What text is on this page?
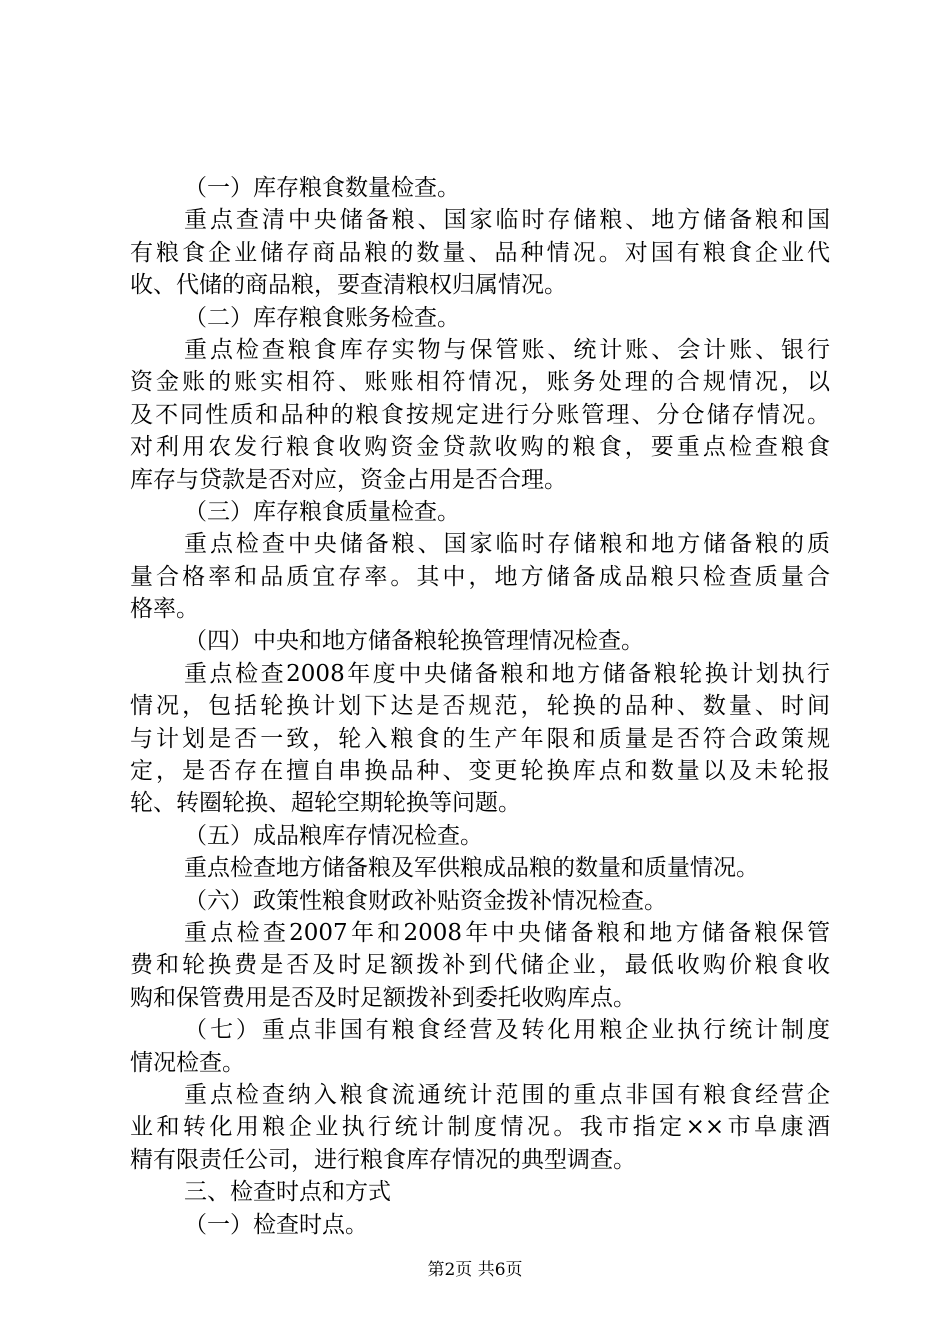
（一）库存粮食数量检查。
重点查清中央储备粮、国家临时存储粮、地方储备粮和国
有粮食企业储存商品粮的数量、品种情况。对国有粮食企业代
收、代储的商品粮，要查清粮权归属情况。
（二）库存粮食账务检查。
重点检查粮食库存实物与保管账、统计账、会计账、银行
资金账的账实相符、账账相符情况，账务处理的合规情况，以
及不同性质和品种的粮食按规定进行分账管理、分仓储存情况。
对利用农发行粮食收购资金贷款收购的粮食，要重点检查粮食
库存与贷款是否对应，资金占用是否合理。
（三）库存粮食质量检查。
重点检查中央储备粮、国家临时存储粮和地方储备粮的质
量合格率和品质宜存率。其中，地方储备成品粮只检查质量合
格率。
（四）中央和地方储备粮轮换管理情况检查。
重点检查2008年度中央储备粮和地方储备粮轮换计划执行
情况，包括轮换计划下达是否规范，轮换的品种、数量、时间
与计划是否一致，轮入粮食的生产年限和质量是否符合政策规
定，是否存在擅自串换品种、变更轮换库点和数量以及未轮报
轮、转圈轮换、超轮空期轮换等问题。
（五）成品粮库存情况检查。
重点检查地方储备粮及军供粮成品粮的数量和质量情况。
（六）政策性粮食财政补贴资金拨补情况检查。
重点检查2007年和2008年中央储备粮和地方储备粮保管
费和轮换费是否及时足额拨补到代储企业，最低收购价粮食收
购和保管费用是否及时足额拨补到委托收购库点。
（七）重点非国有粮食经营及转化用粮企业执行统计制度
情况检查。
重点检查纳入粮食流通统计范围的重点非国有粮食经营企
业和转化用粮企业执行统计制度情况。我市指定××市阜康酒
精有限责任公司，进行粮食库存情况的典型调查。
三、检查时点和方式
（一）检查时点。
第2页 共6页
